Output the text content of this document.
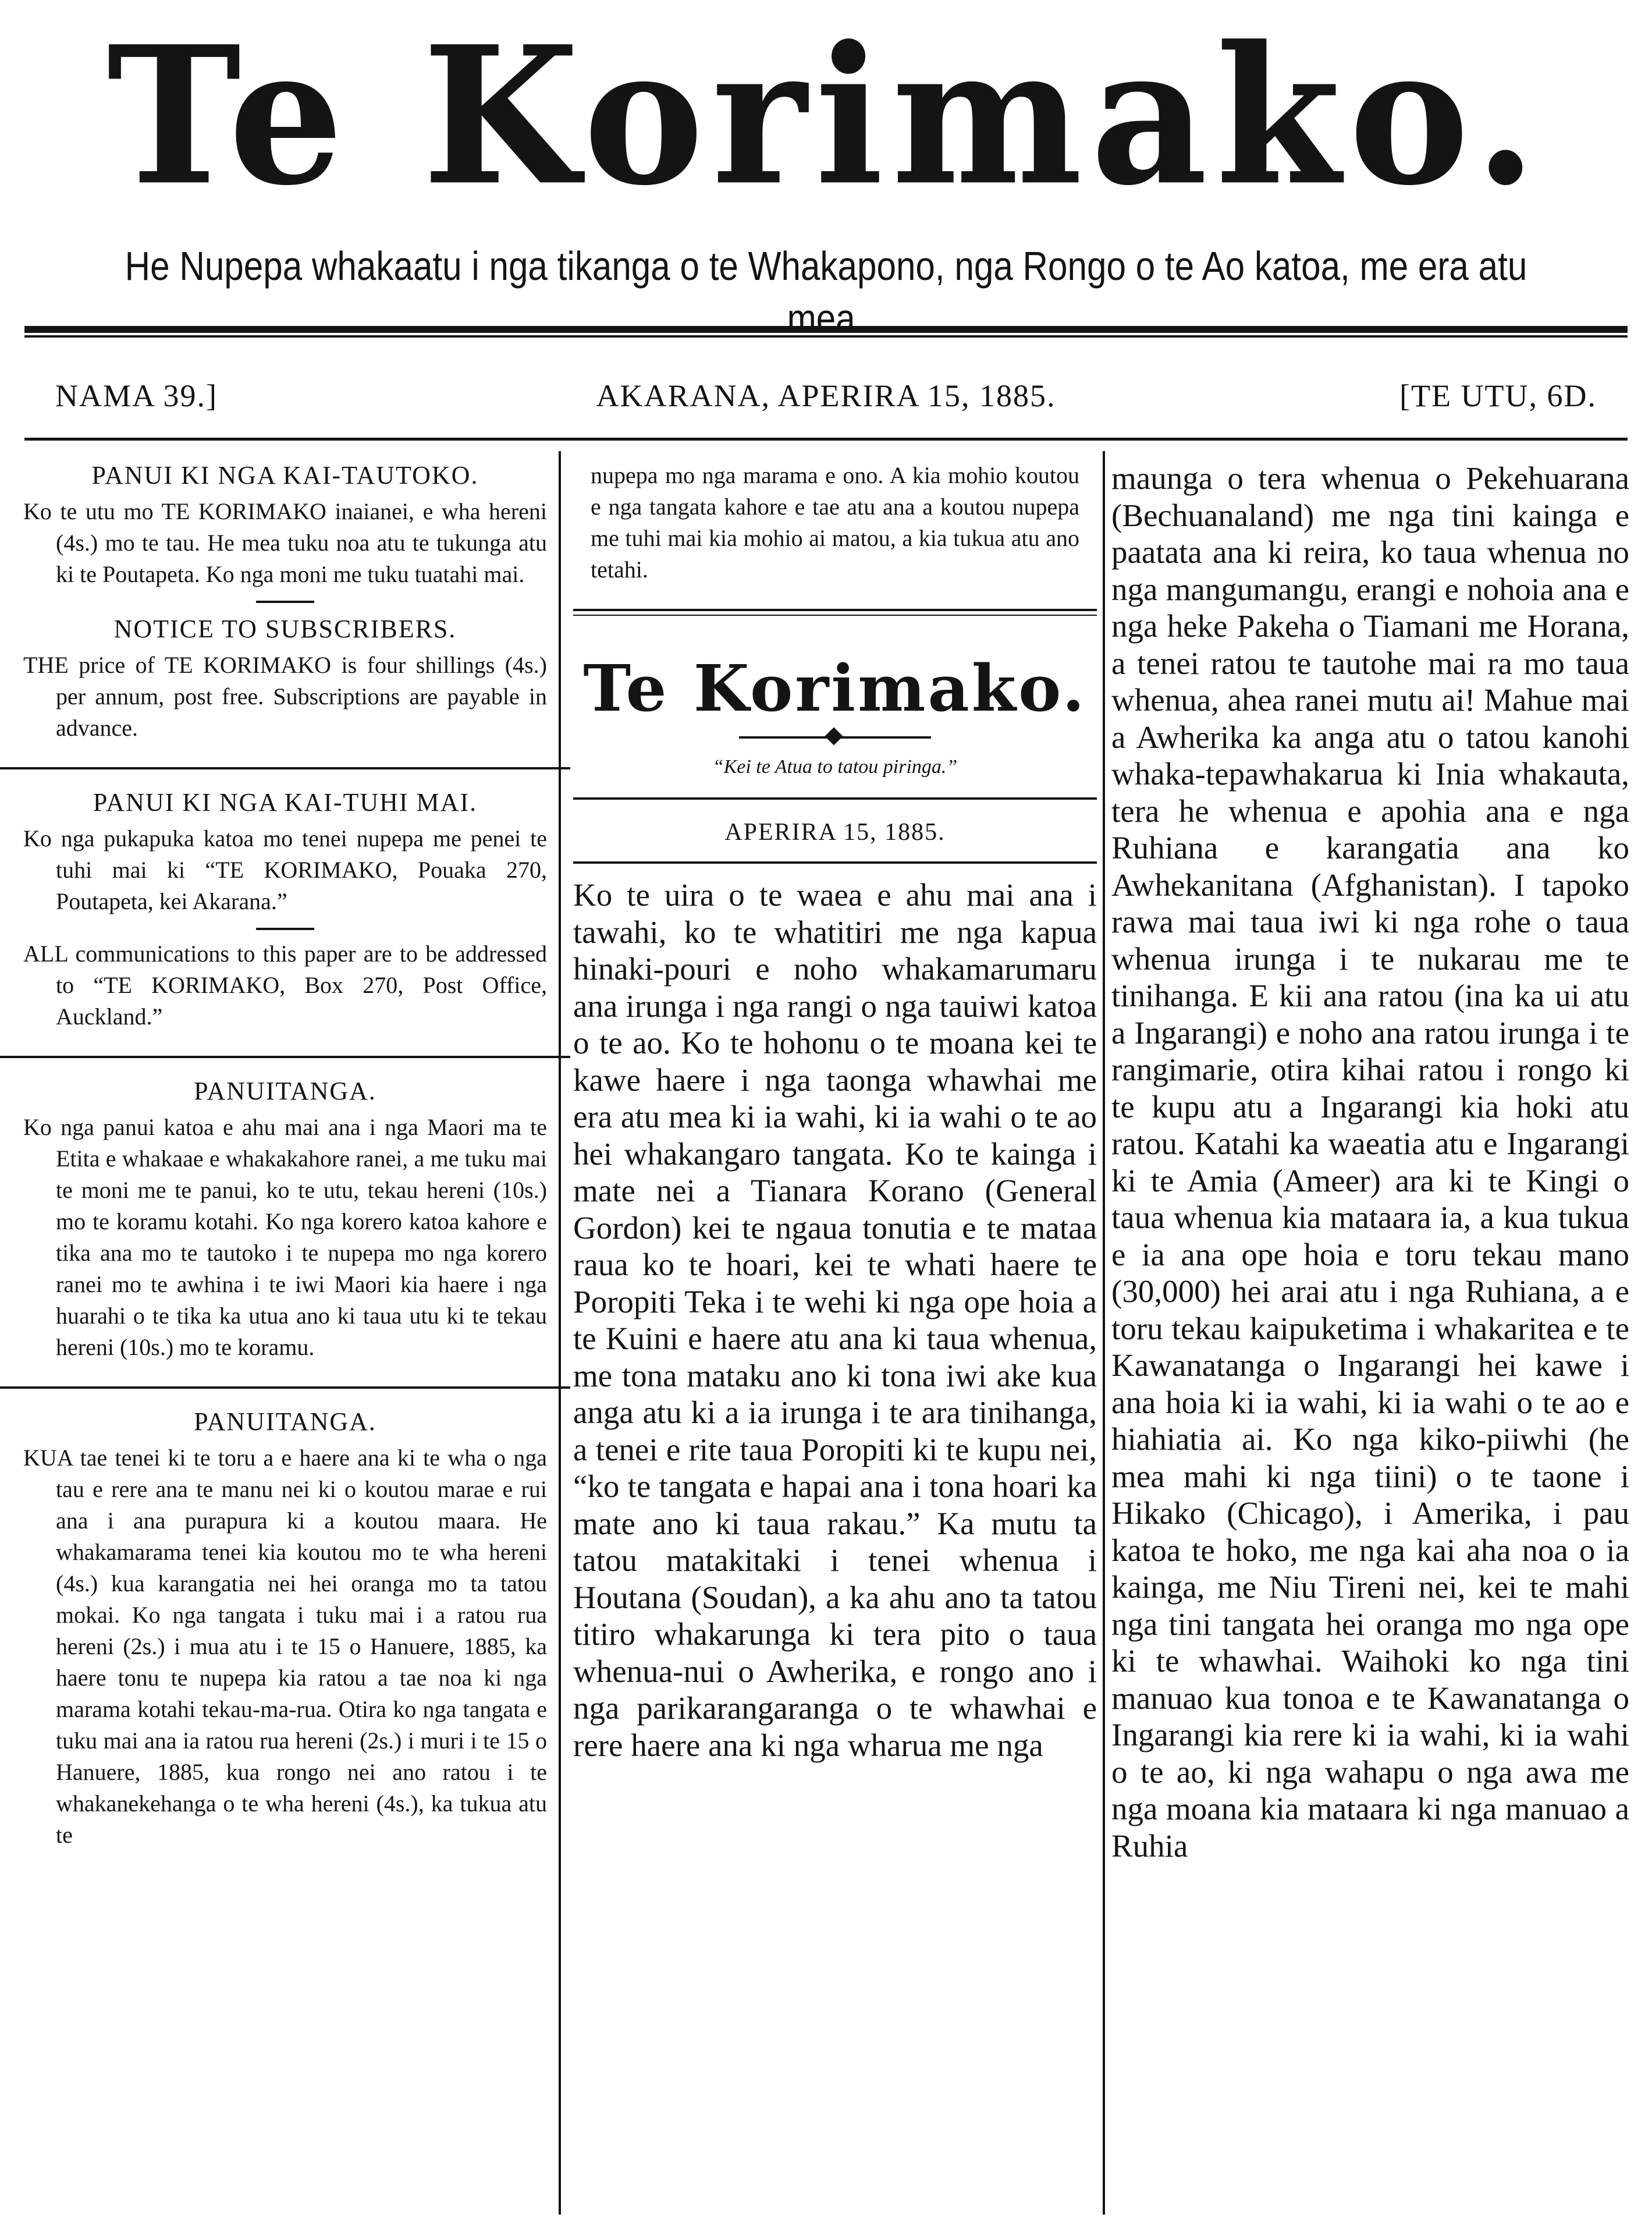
Te Korimako.
He Nupepa whakaatu i nga tikanga o te Whakapono, nga Rongo o te Ao katoa, me era atu mea.
NAMA 39.]	AKARANA, APERIRA 15, 1885.	[TE UTU, 6D.
PANUI KI NGA KAI-TAUTOKO.

Ko te utu mo TE KORIMAKO inaianei, e wha hereni (4s.) mo te tau. He mea tuku noa atu te tukunga atu ki te Poutapeta. Ko nga moni me tuku tuatahi mai.

NOTICE TO SUBSCRIBERS.

THE price of TE KORIMAKO is four shillings (4s.) per annum, post free. Subscriptions are payable in advance.

PANUI KI NGA KAI-TUHI MAI.

Ko nga pukapuka katoa mo tenei nupepa me penei te tuhi mai ki “TE KORIMAKO, Pouaka 270, Poutapeta, kei Akarana.”

ALL communications to this paper are to be addressed to “TE KORIMAKO, Box 270, Post Office, Auckland.”

PANUITANGA.

Ko nga panui katoa e ahu mai ana i nga Maori ma te Etita e whakaae e whakakahore ranei, a me tuku mai te moni me te panui, ko te utu, tekau hereni (10s.) mo te koramu kotahi. Ko nga korero katoa kahore e tika ana mo te tautoko i te nupepa mo nga korero ranei mo te awhina i te iwi Maori kia haere i nga huarahi o te tika ka utua ano ki taua utu ki te tekau hereni (10s.) mo te koramu.

PANUITANGA.

KUA tae tenei ki te toru a e haere ana ki te wha o nga tau e rere ana te manu nei ki o koutou marae e rui ana i ana purapura ki a koutou maara. He whakamarama tenei kia koutou mo te wha hereni (4s.) kua karangatia nei hei oranga mo ta tatou mokai. Ko nga tangata i tuku mai i a ratou rua hereni (2s.) i mua atu i te 15 o Hanuere, 1885, ka haere tonu te nupepa kia ratou a tae noa ki nga marama kotahi tekau-ma-rua. Otira ko nga tangata e tuku mai ana ia ratou rua hereni (2s.) i muri i te 15 o Hanuere, 1885, kua rongo nei ano ratou i te whakanekehanga o te wha hereni (4s.), ka tukua atu te

nupepa mo nga marama e ono. A kia mohio koutou e nga tangata kahore e tae atu ana a koutou nupepa me tuhi mai kia mohio ai matou, a kia tukua atu ano tetahi.

Te Korimako.
“Kei te Atua to tatou piringa.”
APERIRA 15, 1885.

Ko te uira o te waea e ahu mai ana i tawahi, ko te whatitiri me nga kapua hinaki-pouri e noho whakamarumaru ana irunga i nga rangi o nga tauiwi katoa o te ao. Ko te hohonu o te moana kei te kawe haere i nga taonga whawhai me era atu mea ki ia wahi, ki ia wahi o te ao hei whakangaro tangata. Ko te kainga i mate nei a Tianara Korano (General Gordon) kei te ngaua tonutia e te mataa raua ko te hoari, kei te whati haere te Poropiti Teka i te wehi ki nga ope hoia a te Kuini e haere atu ana ki taua whenua, me tona mataku ano ki tona iwi ake kua anga atu ki a ia irunga i te ara tinihanga, a tenei e rite taua Poropiti ki te kupu nei, “ko te tangata e hapai ana i tona hoari ka mate ano ki taua rakau.” Ka mutu ta tatou matakitaki i tenei whenua i Houtana (Soudan), a ka ahu ano ta tatou titiro whakarunga ki tera pito o taua whenua-nui o Awherika, e rongo ano i nga parikarangaranga o te whawhai e rere haere ana ki nga wharua me nga

maunga o tera whenua o Pekehuarana (Bechuanaland) me nga tini kainga e paatata ana ki reira, ko taua whenua no nga mangumangu, erangi e nohoia ana e nga heke Pakeha o Tiamani me Horana, a tenei ratou te tautohe mai ra mo taua whenua, ahea ranei mutu ai! Mahue mai a Awherika ka anga atu o tatou kanohi whaka-tepawhakarua ki Inia whakauta, tera he whenua e apohia ana e nga Ruhiana e karangatia ana ko Awhekanitana (Afghanistan). I tapoko rawa mai taua iwi ki nga rohe o taua whenua irunga i te nukarau me te tinihanga. E kii ana ratou (ina ka ui atu a Ingarangi) e noho ana ratou irunga i te rangimarie, otira kihai ratou i rongo ki te kupu atu a Ingarangi kia hoki atu ratou. Katahi ka waeatia atu e Ingarangi ki te Amia (Ameer) ara ki te Kingi o taua whenua kia mataara ia, a kua tukua e ia ana ope hoia e toru tekau mano (30,000) hei arai atu i nga Ruhiana, a e toru tekau kaipuketima i whakaritea e te Kawanatanga o Ingarangi hei kawe i ana hoia ki ia wahi, ki ia wahi o te ao e hiahiatia ai. Ko nga kiko-piiwhi (he mea mahi ki nga tiini) o te taone i Hikako (Chicago), i Amerika, i pau katoa te hoko, me nga kai aha noa o ia kainga, me Niu Tireni nei, kei te mahi nga tini tangata hei oranga mo nga ope ki te whawhai. Waihoki ko nga tini manuao kua tonoa e te Kawanatanga o Ingarangi kia rere ki ia wahi, ki ia wahi o te ao, ki nga wahapu o nga awa me nga moana kia mataara ki nga manuao a Ruhia
